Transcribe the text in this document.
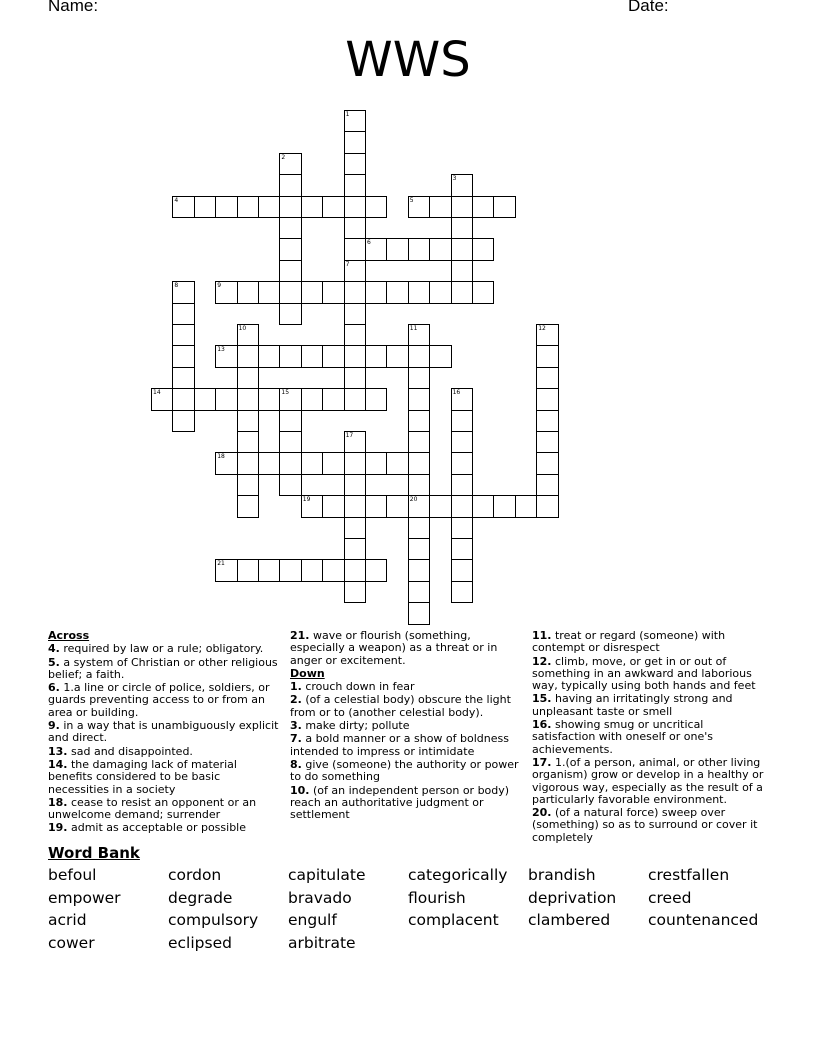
Name:	Date:
WWS
1
7
2
3
4	5
6
8	9
10	11
20
12
13
14	15	16
17
18
19
21

Across

4. required by law or a rule; obligatory.

5. a system of Christian or other religious belief; a faith.

6. 1.a line or circle of police, soldiers, or guards preventing access to or from an area or building.

9. in a way that is unambiguously explicit and direct.

13. sad and disappointed.

14. the damaging lack of material benefits considered to be basic necessities in a society

18. cease to resist an opponent or an unwelcome demand; surrender

19. admit as acceptable or possible

21. wave or flourish (something, especially a weapon) as a threat or in anger or excitement.

Down

1. crouch down in fear

2. (of a celestial body) obscure the light from or to (another celestial body).

3. make dirty; pollute

7. a bold manner or a show of boldness intended to impress or intimidate

8. give (someone) the authority or power to do something

10. (of an independent person or body) reach an authoritative judgment or settlement

11. treat or regard (someone) with contempt or disrespect

12. climb, move, or get in or out of something in an awkward and laborious way, typically using both hands and feet

15. having an irritatingly strong and unpleasant taste or smell

16. showing smug or uncritical satisfaction with oneself or one's achievements.

17. 1.(of a person, animal, or other living organism) grow or develop in a healthy or vigorous way, especially as the result of a particularly favorable environment.

20. (of a natural force) sweep over (something) so as to surround or cover it completely

Word Bank
befoul	cordon	capitulate	categorically brandish	crestfallen
empower	degrade	bravado	flourish	deprivation creed
acrid	compulsory engulf	complacent clambered countenanced
cower	eclipsed	arbitrate
